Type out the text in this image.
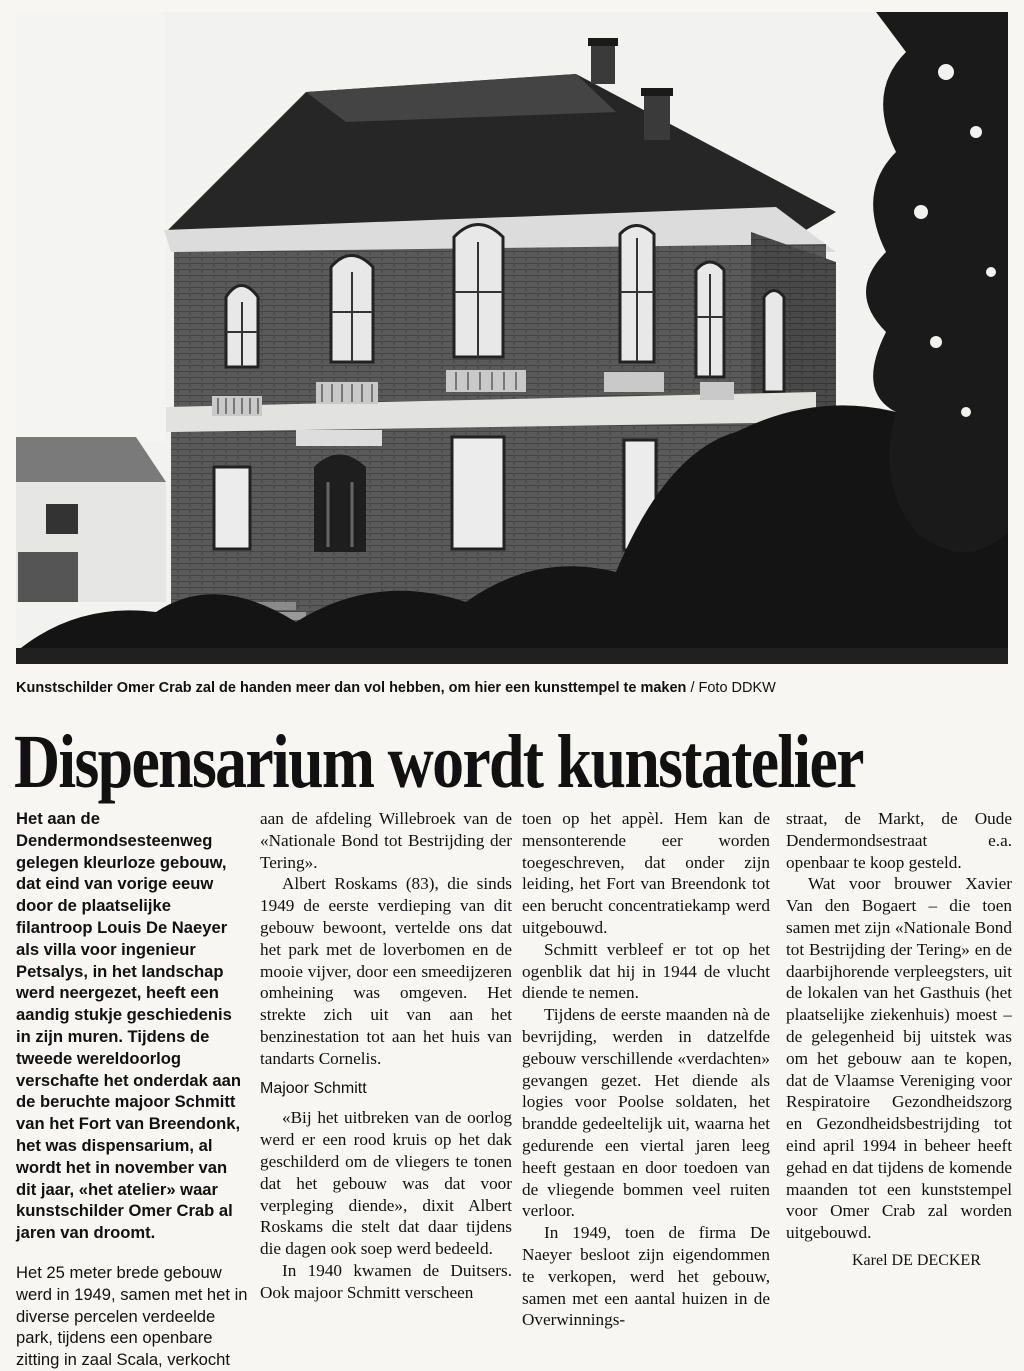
Kunstschilder Omer Crab zal de handen meer dan vol hebben, om hier een kunsttempel te maken / Foto DDKW
Dispensarium wordt kunstatelier

Het aan de Dendermondsesteenweg gelegen kleurloze gebouw, dat eind van vorige eeuw door de plaatselijke filantroop Louis De Naeyer als villa voor ingenieur Petsalys, in het landschap werd neergezet, heeft een aandig stukje geschiedenis in zijn muren. Tijdens de tweede wereldoorlog verschafte het onderdak aan de beruchte majoor Schmitt van het Fort van Breendonk, het was dispensarium, al wordt het in november van dit jaar, «het atelier» waar kunstschilder Omer Crab al jaren van droomt.

Het 25 meter brede gebouw werd in 1949, samen met het in diverse percelen verdeelde park, tijdens een openbare zitting in zaal Scala, verkocht

aan de afdeling Willebroek van de «Nationale Bond tot Bestrijding der Tering».

Albert Roskams (83), die sinds 1949 de eerste verdieping van dit gebouw bewoont, vertelde ons dat het park met de loverbomen en de mooie vijver, door een smeedijzeren omheining was omgeven. Het strekte zich uit van aan het benzinestation tot aan het huis van tandarts Cornelis.

Majoor Schmitt

«Bij het uitbreken van de oorlog werd er een rood kruis op het dak geschilderd om de vliegers te tonen dat het gebouw was dat voor verpleging diende», dixit Albert Roskams die stelt dat daar tijdens die dagen ook soep werd bedeeld.

In 1940 kwamen de Duitsers. Ook majoor Schmitt verscheen

toen op het appèl. Hem kan de mensonterende eer worden toegeschreven, dat onder zijn leiding, het Fort van Breendonk tot een berucht concentratiekamp werd uitgebouwd.

Schmitt verbleef er tot op het ogenblik dat hij in 1944 de vlucht diende te nemen.

Tijdens de eerste maanden nà de bevrijding, werden in datzelfde gebouw verschillende «verdachten» gevangen gezet. Het diende als logies voor Poolse soldaten, het brandde gedeeltelijk uit, waarna het gedurende een viertal jaren leeg heeft gestaan en door toedoen van de vliegende bommen veel ruiten verloor.

In 1949, toen de firma De Naeyer besloot zijn eigendommen te verkopen, werd het gebouw, samen met een aantal huizen in de Overwinnings-

straat, de Markt, de Oude Dendermondsestraat e.a. openbaar te koop gesteld.

Wat voor brouwer Xavier Van den Bogaert – die toen samen met zijn «Nationale Bond tot Bestrijding der Tering» en de daarbijhorende verpleegsters, uit de lokalen van het Gasthuis (het plaatselijke ziekenhuis) moest – de gelegenheid bij uitstek was om het gebouw aan te kopen, dat de Vlaamse Vereniging voor Respiratoire Gezondheidszorg en Gezondheidsbestrijding tot eind april 1994 in beheer heeft gehad en dat tijdens de komende maanden tot een kunststempel voor Omer Crab zal worden uitgebouwd.

Karel DE DECKER
